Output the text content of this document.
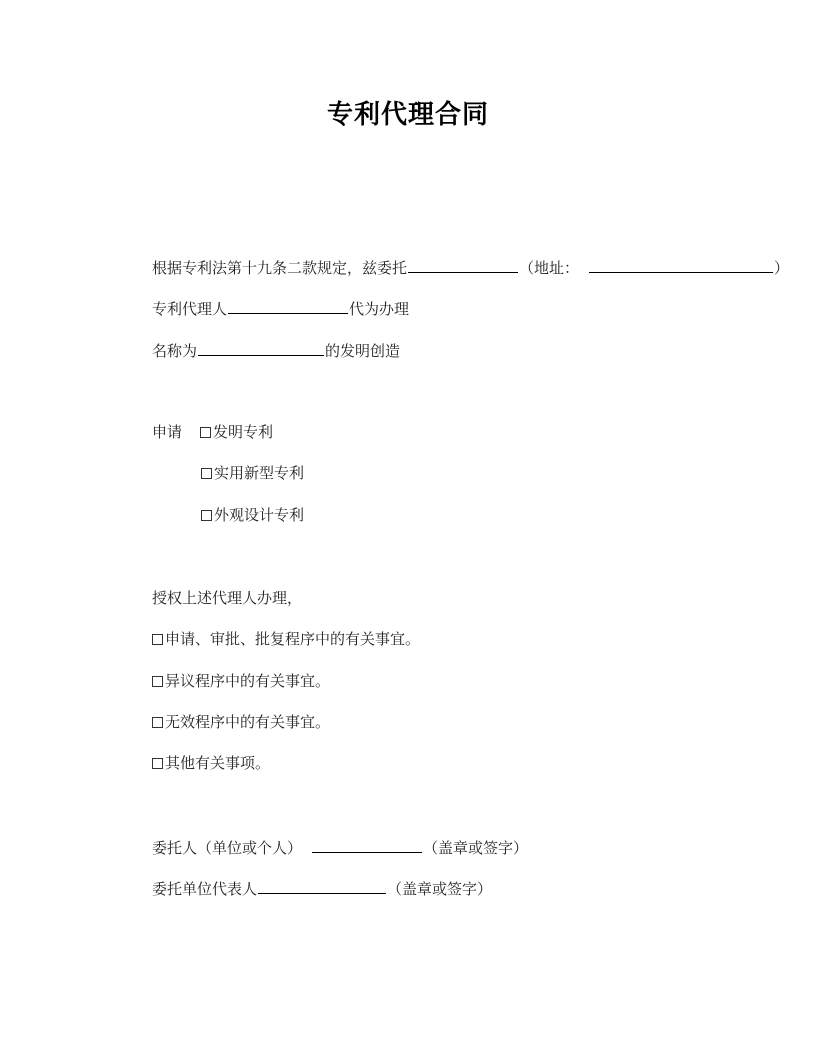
专利代理合同
根据专利法第十九条二款规定，兹委托	（地址：	）
专利代理人	代为办理
名称为	的发明创造
申请 发明专利
实用新型专利
外观设计专利
授权上述代理人办理，
申请、审批、批复程序中的有关事宜。
异议程序中的有关事宜。
无效程序中的有关事宜。
其他有关事项。
委托人（单位或个人）	（盖章或签字）
委托单位代表人	（盖章或签字）
